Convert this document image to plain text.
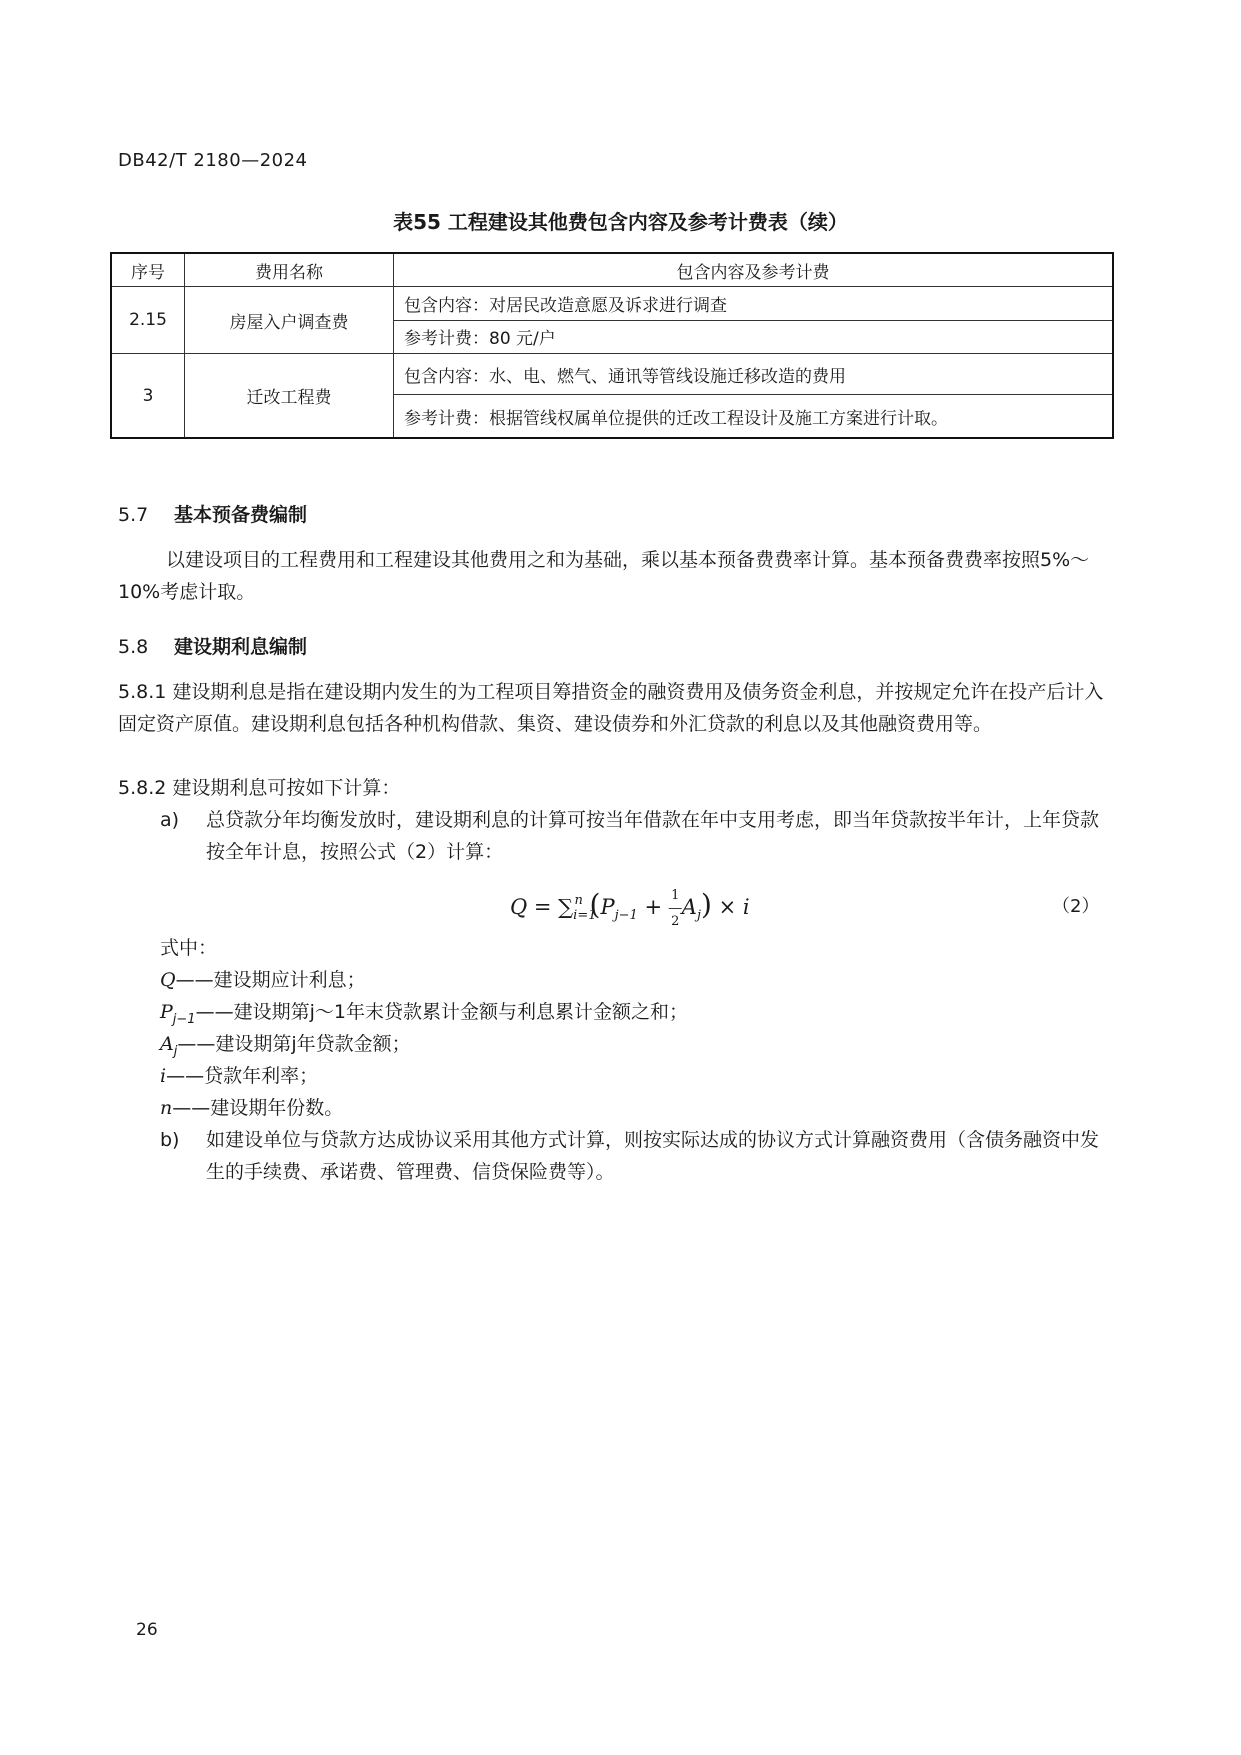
DB42/T 2180—2024
表55 工程建设其他费包含内容及参考计费表（续）
序号	费用名称	包含内容及参考计费
2.15	房屋入户调查费	包含内容：对居民改造意愿及诉求进行调查
		参考计费：80 元/户
3	迁改工程费	包含内容：水、电、燃气、通讯等管线设施迁移改造的费用
		参考计费：根据管线权属单位提供的迁改工程设计及施工方案进行计取。
5.7 基本预备费编制
以建设项目的工程费用和工程建设其他费用之和为基础，乘以基本预备费费率计算。基本预备费费率按照5%～10%考虑计取。
5.8 建设期利息编制
5.8.1 建设期利息是指在建设期内发生的为工程项目筹措资金的融资费用及债务资金利息，并按规定允许在投产后计入固定资产原值。建设期利息包括各种机构借款、集资、建设债券和外汇贷款的利息以及其他融资费用等。
5.8.2 建设期利息可按如下计算：
a) 总贷款分年均衡发放时，建设期利息的计算可按当年借款在年中支用考虑，即当年贷款按半年计，上年贷款按全年计息，按照公式（2）计算：
$Q = \sum_{i=1}^n$ ($P_{j-1} + 1$
―
$2A_j) \times i$	（2）
式中：
Q——建设期应计利息；
$P_{j-1}——$建设期第j～1年末贷款累计金额与利息累计金额之和；
$A_j——$建设期第j年贷款金额；
i——贷款年利率；
n——建设期年份数。
b) 如建设单位与贷款方达成协议采用其他方式计算，则按实际达成的协议方式计算融资费用（含债务融资中发生的手续费、承诺费、管理费、信贷保险费等）。
26
